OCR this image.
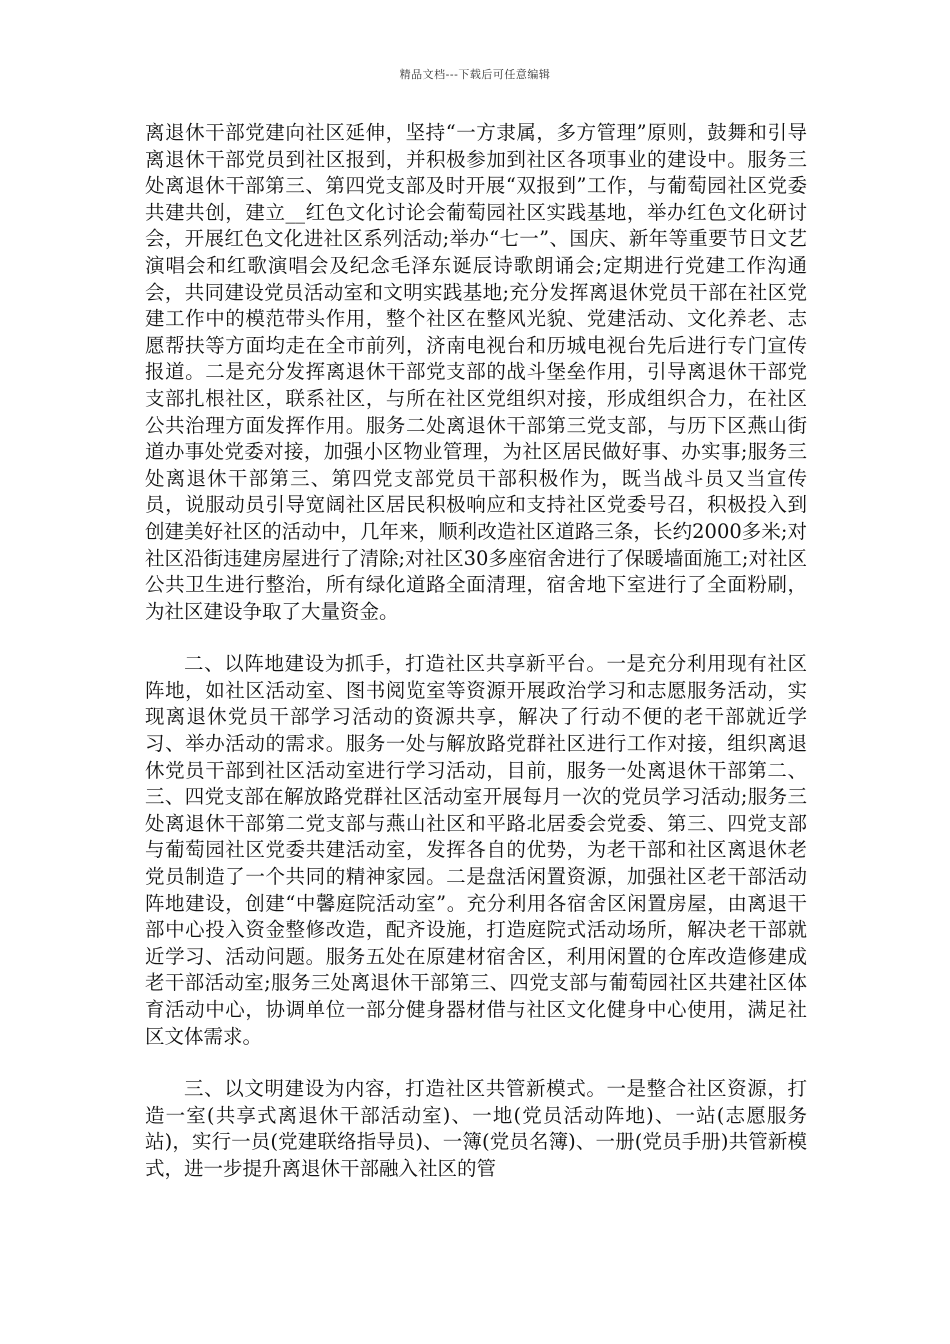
精品文档---下载后可任意编辑

离退休干部党建向社区延伸，坚持“一方隶属，多方管理”原则，鼓舞和引导离退休干部党员到社区报到，并积极参加到社区各项事业的建设中。服务三处离退休干部第三、第四党支部及时开展“双报到”工作，与葡萄园社区党委共建共创，建立__红色文化讨论会葡萄园社区实践基地，举办红色文化研讨会，开展红色文化进社区系列活动;举办“七一”、国庆、新年等重要节日文艺演唱会和红歌演唱会及纪念毛泽东诞辰诗歌朗诵会;定期进行党建工作沟通会，共同建设党员活动室和文明实践基地;充分发挥离退休党员干部在社区党建工作中的模范带头作用，整个社区在整风光貌、党建活动、文化养老、志愿帮扶等方面均走在全市前列，济南电视台和历城电视台先后进行专门宣传报道。二是充分发挥离退休干部党支部的战斗堡垒作用，引导离退休干部党支部扎根社区，联系社区，与所在社区党组织对接，形成组织合力，在社区公共治理方面发挥作用。服务二处离退休干部第三党支部，与历下区燕山街道办事处党委对接，加强小区物业管理，为社区居民做好事、办实事;服务三处离退休干部第三、第四党支部党员干部积极作为，既当战斗员又当宣传员，说服动员引导宽阔社区居民积极响应和支持社区党委号召，积极投入到创建美好社区的活动中，几年来，顺利改造社区道路三条，长约2000多米;对社区沿街违建房屋进行了清除;对社区30多座宿舍进行了保暖墙面施工;对社区公共卫生进行整治，所有绿化道路全面清理，宿舍地下室进行了全面粉刷，为社区建设争取了大量资金。

二、以阵地建设为抓手，打造社区共享新平台。一是充分利用现有社区阵地，如社区活动室、图书阅览室等资源开展政治学习和志愿服务活动，实现离退休党员干部学习活动的资源共享，解决了行动不便的老干部就近学习、举办活动的需求。服务一处与解放路党群社区进行工作对接，组织离退休党员干部到社区活动室进行学习活动，目前，服务一处离退休干部第二、三、四党支部在解放路党群社区活动室开展每月一次的党员学习活动;服务三处离退休干部第二党支部与燕山社区和平路北居委会党委、第三、四党支部与葡萄园社区党委共建活动室，发挥各自的优势，为老干部和社区离退休老党员制造了一个共同的精神家园。二是盘活闲置资源，加强社区老干部活动阵地建设，创建“中馨庭院活动室”。充分利用各宿舍区闲置房屋，由离退干部中心投入资金整修改造，配齐设施，打造庭院式活动场所，解决老干部就近学习、活动问题。服务五处在原建材宿舍区，利用闲置的仓库改造修建成老干部活动室;服务三处离退休干部第三、四党支部与葡萄园社区共建社区体育活动中心，协调单位一部分健身器材借与社区文化健身中心使用，满足社区文体需求。

三、以文明建设为内容，打造社区共管新模式。一是整合社区资源，打造一室(共享式离退休干部活动室)、一地(党员活动阵地)、一站(志愿服务站)，实行一员(党建联络指导员)、一簿(党员名簿)、一册(党员手册)共管新模式，进一步提升离退休干部融入社区的管
